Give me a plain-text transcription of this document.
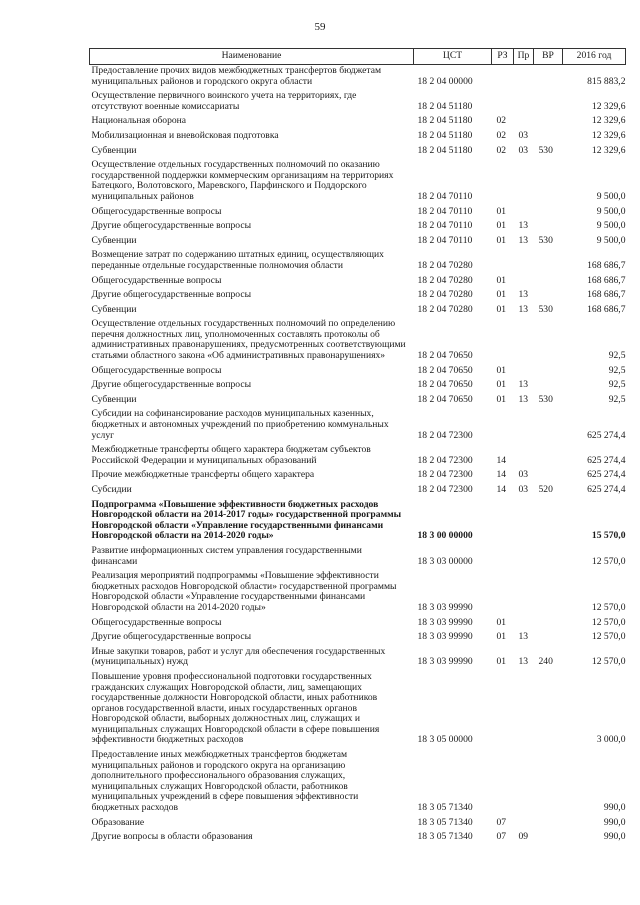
59
Наименование	ЦСТ	РЗ	Пр	ВР	2016 год
Предоставление прочих видов межбюджетных трансфертов бюджетам муниципальных районов и городского округа области	18 2 04 00000				815 883,2
Осуществление первичного воинского учета на территориях, где отсутствуют военные комиссариаты	18 2 04 51180				12 329,6
Национальная оборона	18 2 04 51180	02			12 329,6
Мобилизационная и вневойсковая подготовка	18 2 04 51180	02	03		12 329,6
Субвенции	18 2 04 51180	02	03	530	12 329,6
Осуществление отдельных государственных полномочий по оказанию государственной поддержки коммерческим организациям на территориях Батецкого, Волотовского, Маревского, Парфинского и Поддорского муниципальных районов	18 2 04 70110				9 500,0
Общегосударственные вопросы	18 2 04 70110	01			9 500,0
Другие общегосударственные вопросы	18 2 04 70110	01	13		9 500,0
Субвенции	18 2 04 70110	01	13	530	9 500,0
Возмещение затрат по содержанию штатных единиц, осуществляющих переданные отдельные государственные полномочия области	18 2 04 70280				168 686,7
Общегосударственные вопросы	18 2 04 70280	01			168 686,7
Другие общегосударственные вопросы	18 2 04 70280	01	13		168 686,7
Субвенции	18 2 04 70280	01	13	530	168 686,7
Осуществление отдельных государственных полномочий по определению перечня должностных лиц, уполномоченных составлять протоколы об административных правонарушениях, предусмотренных соответствующими статьями областного закона «Об административных правонарушениях»	18 2 04 70650				92,5
Общегосударственные вопросы	18 2 04 70650	01			92,5
Другие общегосударственные вопросы	18 2 04 70650	01	13		92,5
Субвенции	18 2 04 70650	01	13	530	92,5
Субсидии на софинансирование расходов муниципальных казенных, бюджетных и автономных учреждений по приобретению коммунальных услуг	18 2 04 72300				625 274,4
Межбюджетные трансферты общего характера бюджетам субъектов Российской Федерации и муниципальных образований	18 2 04 72300	14			625 274,4
Прочие межбюджетные трансферты общего характера	18 2 04 72300	14	03		625 274,4
Субсидии	18 2 04 72300	14	03	520	625 274,4
Подпрограмма «Повышение эффективности бюджетных расходов Новгородской области на 2014-2017 годы» государственной программы Новгородской области «Управление государственными финансами Новгородской области на 2014-2020 годы»	18 3 00 00000				15 570,0
Развитие информационных систем управления государственными финансами	18 3 03 00000				12 570,0
Реализация мероприятий подпрограммы «Повышение эффективности бюджетных расходов Новгородской области» государственной программы Новгородской области «Управление государственными финансами Новгородской области на 2014-2020 годы»	18 3 03 99990				12 570,0
Общегосударственные вопросы	18 3 03 99990	01			12 570,0
Другие общегосударственные вопросы	18 3 03 99990	01	13		12 570,0
Иные закупки товаров, работ и услуг для обеспечения государственных (муниципальных) нужд	18 3 03 99990	01	13	240	12 570,0
Повышение уровня профессиональной подготовки государственных гражданских служащих Новгородской области, лиц, замещающих государственные должности Новгородской области, иных работников органов государственной власти, иных государственных органов Новгородской области, выборных должностных лиц, служащих и муниципальных служащих Новгородской области в сфере повышения эффективности бюджетных расходов	18 3 05 00000				3 000,0
Предоставление иных межбюджетных трансфертов бюджетам муниципальных районов и городского округа на организацию дополнительного профессионального образования служащих, муниципальных служащих Новгородской области, работников муниципальных учреждений в сфере повышения эффективности бюджетных расходов	18 3 05 71340				990,0
Образование	18 3 05 71340	07			990,0
Другие вопросы в области образования	18 3 05 71340	07	09		990,0
